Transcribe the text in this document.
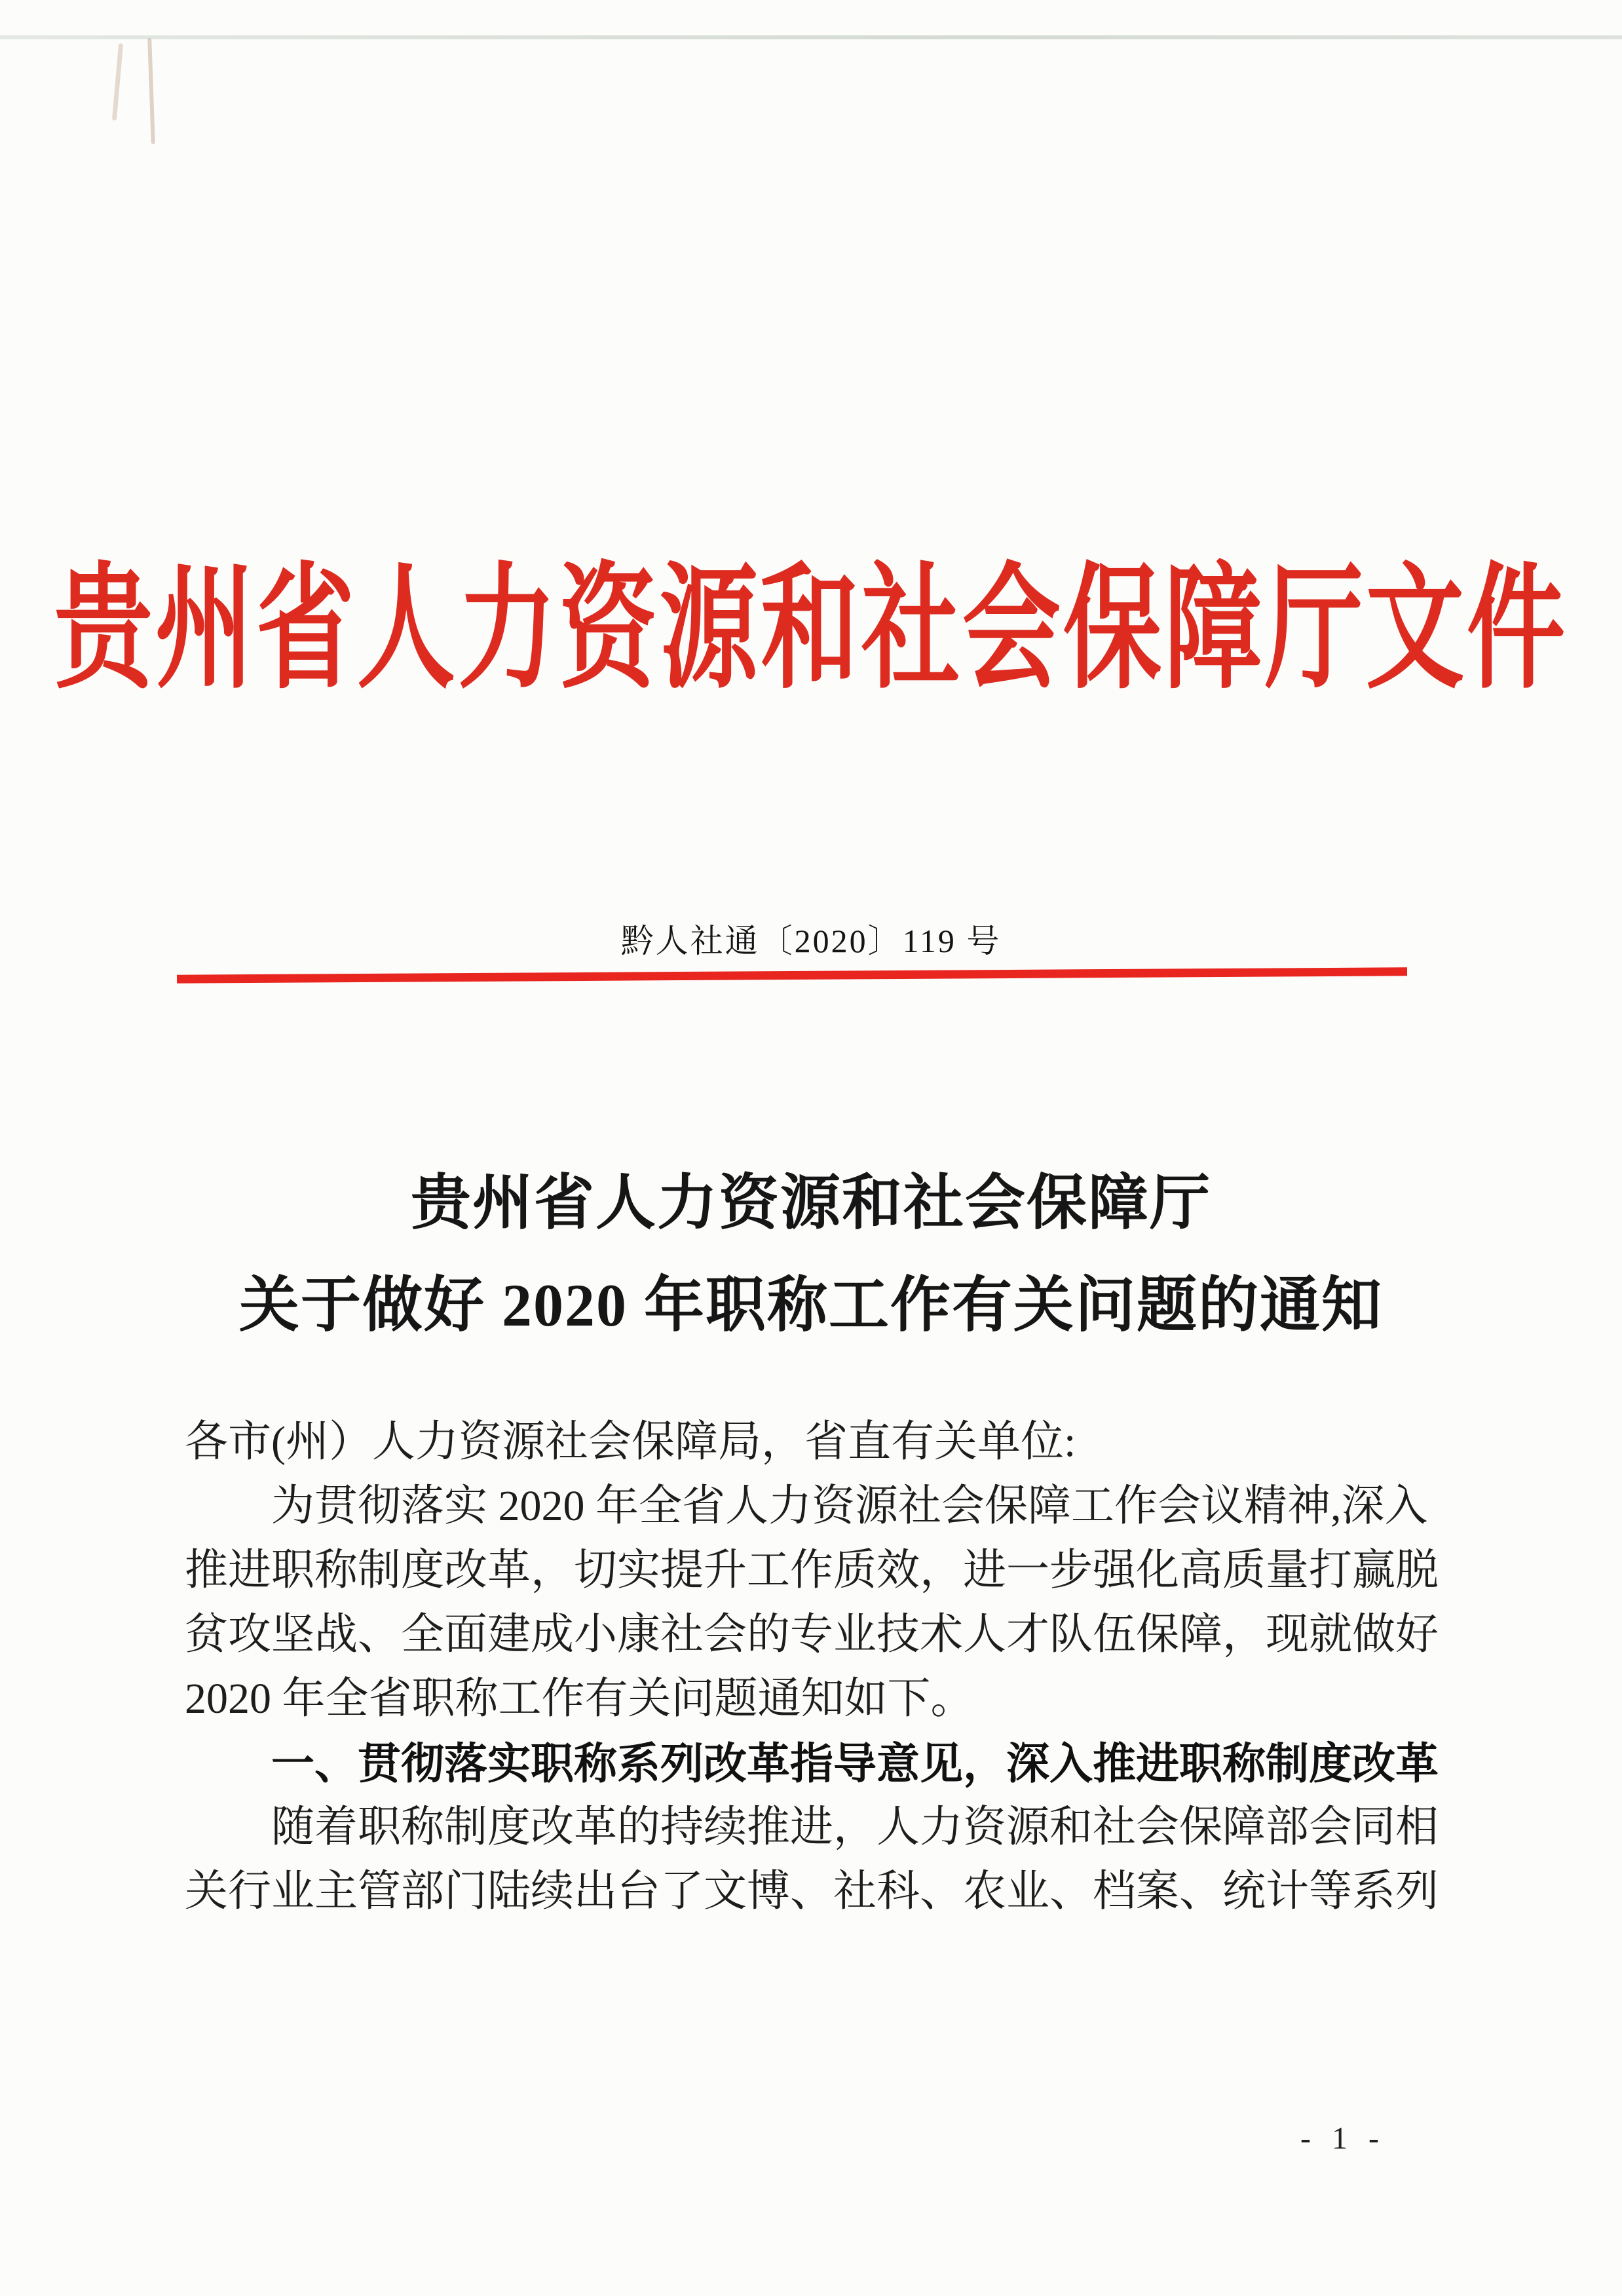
贵州省人力资源和社会保障厅文件
黔人社通〔2020〕119 号
贵州省人力资源和社会保障厅
关于做好 2020 年职称工作有关问题的通知
各市(州）人力资源社会保障局，省直有关单位:
为贯彻落实 2020 年全省人力资源社会保障工作会议精神,深入
推进职称制度改革，切实提升工作质效，进一步强化高质量打赢脱
贫攻坚战、全面建成小康社会的专业技术人才队伍保障，现就做好
2020 年全省职称工作有关问题通知如下。
一、贯彻落实职称系列改革指导意见，深入推进职称制度改革
随着职称制度改革的持续推进，人力资源和社会保障部会同相
关行业主管部门陆续出台了文博、社科、农业、档案、统计等系列
- 1 -
